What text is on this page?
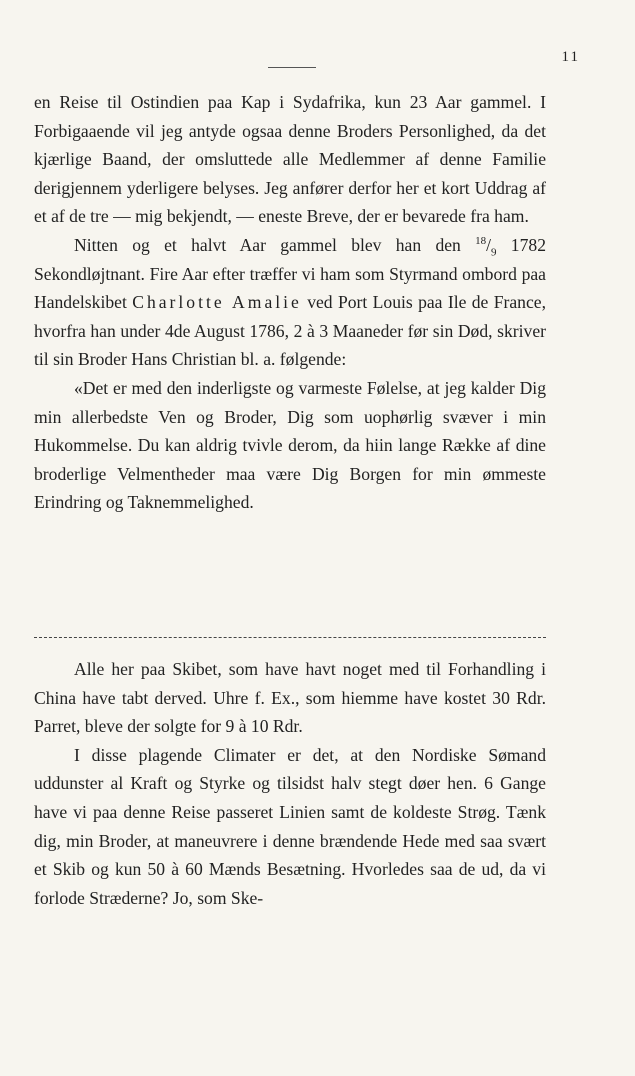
11

en Reise til Ostindien paa Kap i Sydafrika, kun 23 Aar gammel. I Forbigaaende vil jeg antyde ogsaa denne Broders Personlighed, da det kjærlige Baand, der omsluttede alle Medlemmer af denne Familie derigjennem yderligere belyses. Jeg anfører derfor her et kort Uddrag af et af de tre — mig bekjendt, — eneste Breve, der er bevarede fra ham.

Nitten og et halvt Aar gammel blev han den $^{18}/_9$ 1782 Sekondløjtnant. Fire Aar efter træffer vi ham som Styrmand ombord paa Handelskibet Charlotte Amalie ved Port Louis paa Ile de France, hvorfra han under 4de August 1786, 2 à 3 Maaneder før sin Død, skriver til sin Broder Hans Christian bl. a. følgende:

«Det er med den inderligste og varmeste Følelse, at jeg kalder Dig min allerbedste Ven og Broder, Dig som uophørlig svæver i min Hukommelse. Du kan aldrig tvivle derom, da hiin lange Række af dine broderlige Velmentheder maa være Dig Borgen for min ømmeste Erindring og Taknemmelighed.

Alle her paa Skibet, som have havt noget med til Forhandling i China have tabt derved. Uhre f. Ex., som hiemme have kostet 30 Rdr. Parret, bleve der solgte for 9 à 10 Rdr.

I disse plagende Climater er det, at den Nordiske Sømand uddunster al Kraft og Styrke og tilsidst halv stegt døer hen. 6 Gange have vi paa denne Reise passeret Linien samt de koldeste Strøg. Tænk dig, min Broder, at maneuvrere i denne brændende Hede med saa svært et Skib og kun 50 à 60 Mænds Besætning. Hvorledes saa de ud, da vi forlode Stræderne? Jo, som Ske-
